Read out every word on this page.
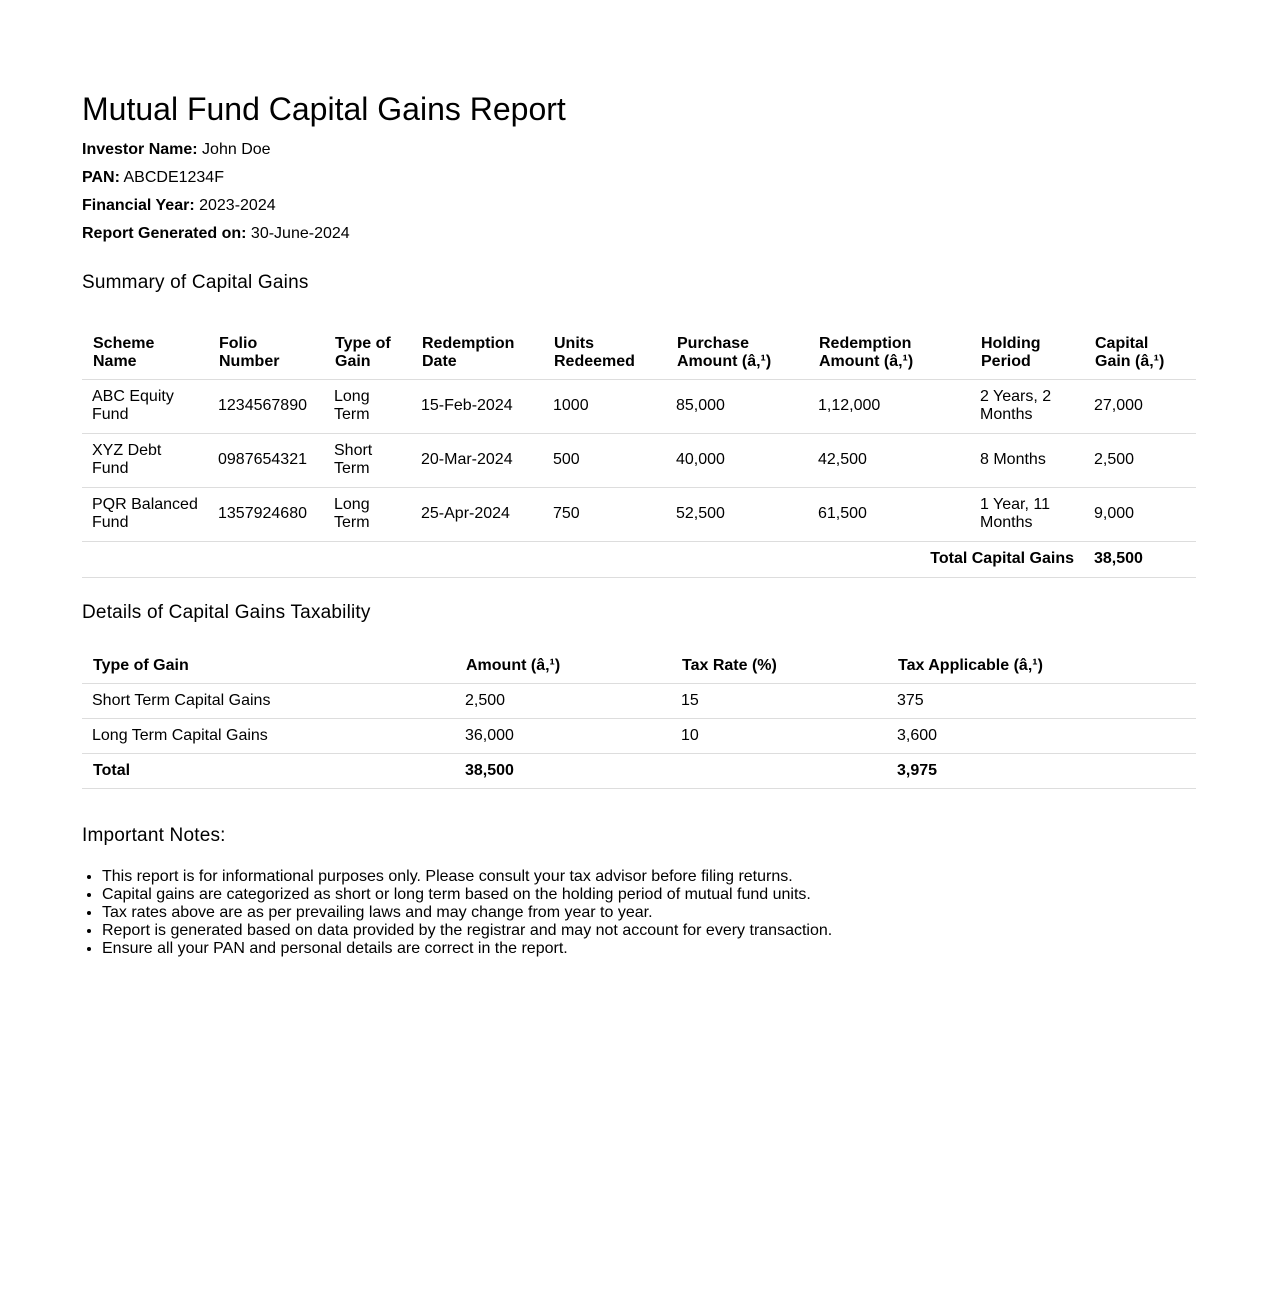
Mutual Fund Capital Gains Report
Investor Name: John Doe
PAN: ABCDE1234F
Financial Year: 2023-2024
Report Generated on: 30-June-2024
Summary of Capital Gains
Scheme Name	Folio Number	Type of Gain	Redemption Date	Units Redeemed	Purchase Amount (â‚¹)	Redemption Amount (â‚¹)	Holding Period	Capital Gain (â‚¹)
ABC Equity Fund	1234567890	Long Term	15-Feb-2024	1000	85,000	1,12,000	2 Years, 2 Months	27,000
XYZ Debt Fund	0987654321	Short Term	20-Mar-2024	500	40,000	42,500	8 Months	2,500
PQR Balanced Fund	1357924680	Long Term	25-Apr-2024	750	52,500	61,500	1 Year, 11 Months	9,000
Total Capital Gains								38,500
Details of Capital Gains Taxability
Type of Gain	Amount (â‚¹)	Tax Rate (%)	Tax Applicable (â‚¹)
Short Term Capital Gains	2,500	15	375
Long Term Capital Gains	36,000	10	3,600
Total	38,500		3,975
Important Notes:
• This report is for informational purposes only. Please consult your tax advisor before filing returns.
• Capital gains are categorized as short or long term based on the holding period of mutual fund units.
• Tax rates above are as per prevailing laws and may change from year to year.
• Report is generated based on data provided by the registrar and may not account for every transaction.
• Ensure all your PAN and personal details are correct in the report.
